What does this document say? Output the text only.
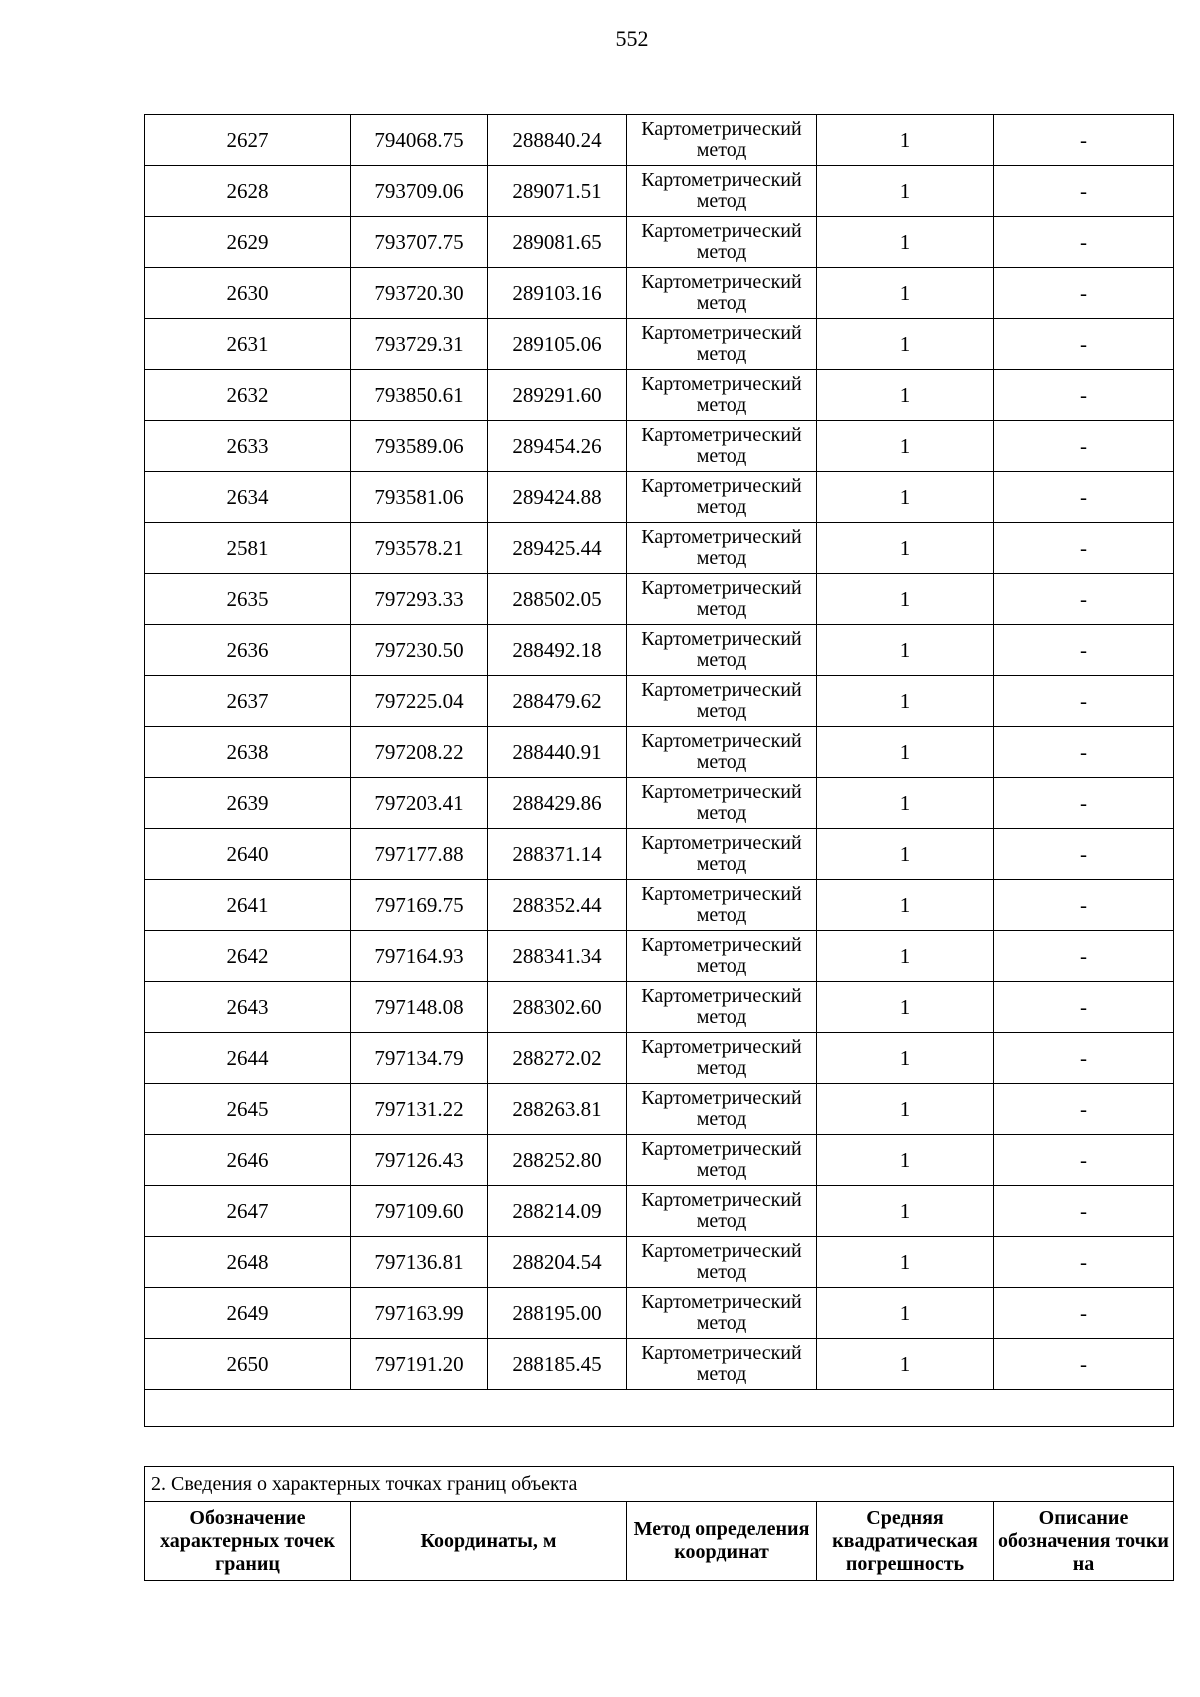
552
2627	794068.75	288840.24	Картометрический метод	1	-
2628	793709.06	289071.51	Картометрический метод	1	-
2629	793707.75	289081.65	Картометрический метод	1	-
2630	793720.30	289103.16	Картометрический метод	1	-
2631	793729.31	289105.06	Картометрический метод	1	-
2632	793850.61	289291.60	Картометрический метод	1	-
2633	793589.06	289454.26	Картометрический метод	1	-
2634	793581.06	289424.88	Картометрический метод	1	-
2581	793578.21	289425.44	Картометрический метод	1	-
2635	797293.33	288502.05	Картометрический метод	1	-
2636	797230.50	288492.18	Картометрический метод	1	-
2637	797225.04	288479.62	Картометрический метод	1	-
2638	797208.22	288440.91	Картометрический метод	1	-
2639	797203.41	288429.86	Картометрический метод	1	-
2640	797177.88	288371.14	Картометрический метод	1	-
2641	797169.75	288352.44	Картометрический метод	1	-
2642	797164.93	288341.34	Картометрический метод	1	-
2643	797148.08	288302.60	Картометрический метод	1	-
2644	797134.79	288272.02	Картометрический метод	1	-
2645	797131.22	288263.81	Картометрический метод	1	-
2646	797126.43	288252.80	Картометрический метод	1	-
2647	797109.60	288214.09	Картометрический метод	1	-
2648	797136.81	288204.54	Картометрический метод	1	-
2649	797163.99	288195.00	Картометрический метод	1	-
2650	797191.20	288185.45	Картометрический метод	1	-

2. Сведения о характерных точках границ объекта
Обозначение характерных точек границ	Координаты, м	Метод определения координат	Средняя квадратическая погрешность	Описание обозначения точки на
